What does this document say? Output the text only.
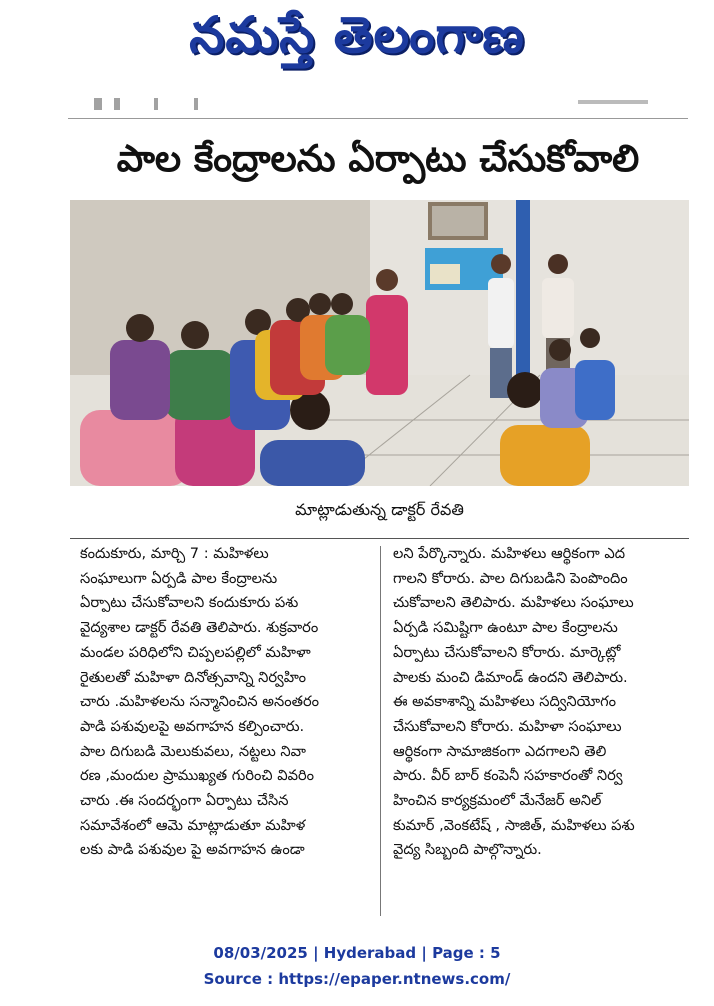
నమస్తే తెలంగాణ
పాల కేంద్రాలను ఏర్పాటు చేసుకోవాలి
మాట్లాడుతున్న డాక్టర్ రేవతి
కందుకూరు, మార్చి 7 : మహిళలు
సంఘాలుగా ఏర్పడి పాల కేంద్రాలను
ఏర్పాటు చేసుకోవాలని కందుకూరు పశు
వైద్యశాల డాక్టర్ రేవతి తెలిపారు. శుక్రవారం
మండల పరిధిలోని చిప్పలపల్లిలో మహిళా
రైతులతో మహిళా దినోత్సవాన్ని నిర్వహిం
చారు .మహిళలను సన్మానించిన అనంతరం
పాడి పశువులపై అవగాహన కల్పించారు.
పాల దిగుబడి మెలుకువలు, నట్టలు నివా
రణ ,మందుల ప్రాముఖ్యత గురించి వివరిం
చారు .ఈ సందర్భంగా ఏర్పాటు చేసిన
సమావేశంలో ఆమె మాట్లాడుతూ మహిళ
లకు పాడి పశువుల పై అవగాహన ఉండా
లని పేర్కొన్నారు. మహిళలు ఆర్థికంగా ఎద
గాలని కోరారు. పాల దిగుబడిని పెంపొందిం
చుకోవాలని తెలిపారు. మహిళలు సంఘాలు
ఏర్పడి సమిష్టిగా ఉంటూ పాల కేంద్రాలను
ఏర్పాటు చేసుకోవాలని కోరారు. మార్కెట్లో
పాలకు మంచి డిమాండ్ ఉందని తెలిపారు.
ఈ అవకాశాన్ని మహిళలు సద్వినియోగం
చేసుకోవాలని కోరారు. మహిళా సంఘాలు
ఆర్థికంగా సామాజికంగా ఎదగాలని తెలి
పారు. వీర్ బార్ కంపెనీ సహకారంతో నిర్వ
హించిన కార్యక్రమంలో మేనేజర్ అనిల్
కుమార్ ,వెంకటేష్ , సాజిత్, మహిళలు పశు
వైద్య సిబ్బంది పాల్గొన్నారు.
08/03/2025 | Hyderabad | Page : 5
Source : https://epaper.ntnews.com/
